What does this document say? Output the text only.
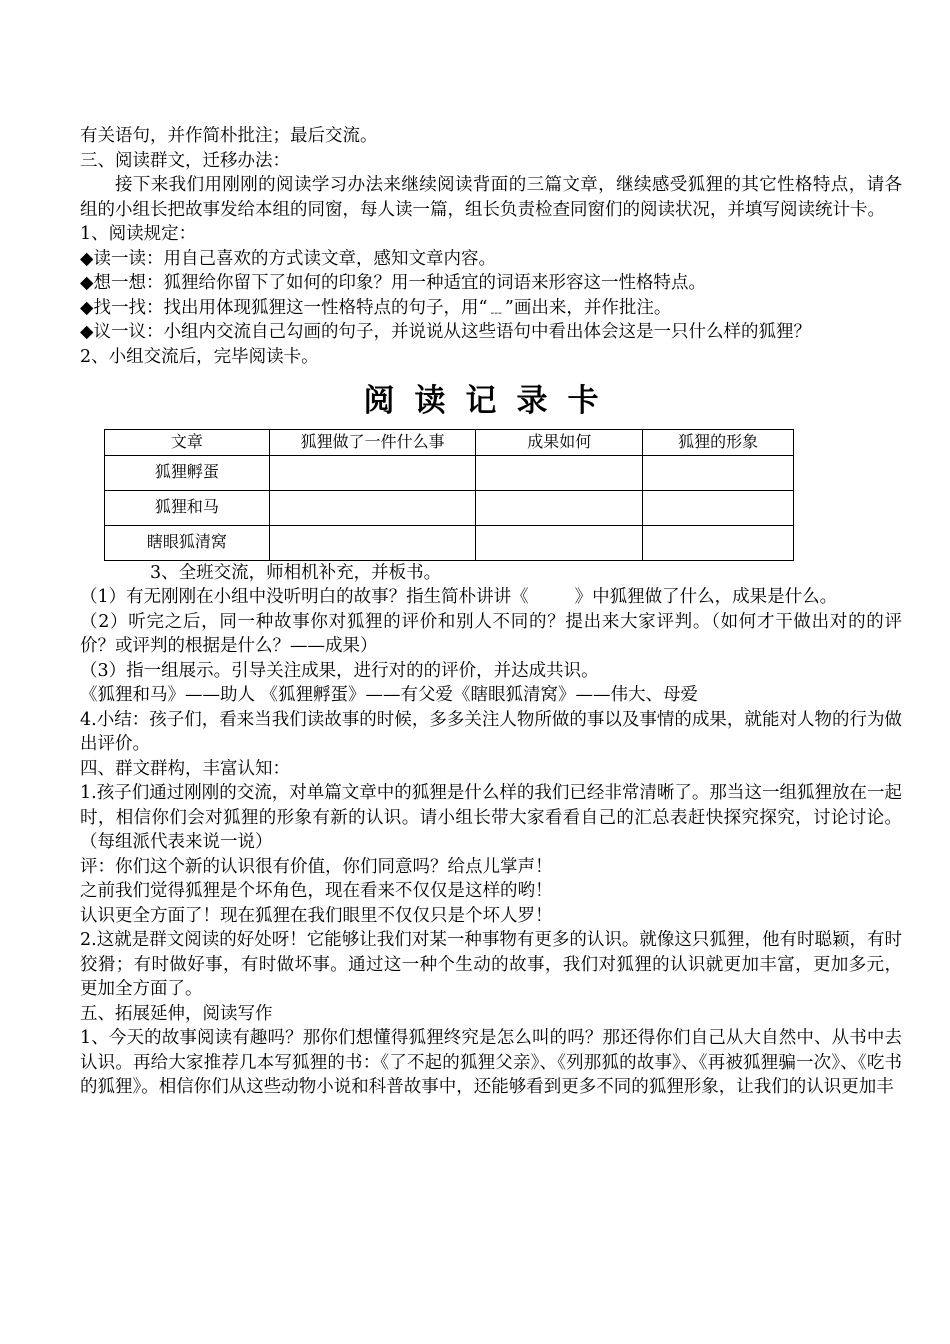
有关语句，并作简朴批注；最后交流。

三、阅读群文，迁移办法：

接下来我们用刚刚的阅读学习办法来继续阅读背面的三篇文章，继续感受狐狸的其它性格特点，请各组的小组长把故事发给本组的同窗，每人读一篇，组长负责检查同窗们的阅读状况，并填写阅读统计卡。

1、阅读规定：

◆读一读：用自己喜欢的方式读文章，感知文章内容。

◆想一想：狐狸给你留下了如何的印象？用一种适宜的词语来形容这一性格特点。

◆找一找：找出用体现狐狸这一性格特点的句子，用“﹍”画出来，并作批注。

◆议一议：小组内交流自己勾画的句子，并说说从这些语句中看出体会这是一只什么样的狐狸？

2、小组交流后，完毕阅读卡。

阅读记录卡
文章	狐狸做了一件什么事	成果如何	狐狸的形象
狐狸孵蛋			
狐狸和马			
瞎眼狐清窝			

3、全班交流，师相机补充，并板书。

（1）有无刚刚在小组中没听明白的故事？指生简朴讲讲《	》中狐狸做了什么，成果是什么。

（2）听完之后，同一种故事你对狐狸的评价和别人不同的？提出来大家评判。（如何才干做出对的的评价？或评判的根据是什么？——成果）

（3）指一组展示。引导关注成果，进行对的的评价，并达成共识。

《狐狸和马》——助人 《狐狸孵蛋》——有父爱《瞎眼狐清窝》——伟大、母爱

4.小结：孩子们，看来当我们读故事的时候，多多关注人物所做的事以及事情的成果，就能对人物的行为做出评价。

四、群文群构，丰富认知：

1.孩子们通过刚刚的交流，对单篇文章中的狐狸是什么样的我们已经非常清晰了。那当这一组狐狸放在一起时，相信你们会对狐狸的形象有新的认识。请小组长带大家看看自己的汇总表赶快探究探究，讨论讨论。（每组派代表来说一说）

评：你们这个新的认识很有价值，你们同意吗？给点儿掌声！

之前我们觉得狐狸是个坏角色，现在看来不仅仅是这样的哟！

认识更全方面了！现在狐狸在我们眼里不仅仅只是个坏人罗！

2.这就是群文阅读的好处呀！它能够让我们对某一种事物有更多的认识。就像这只狐狸，他有时聪颖，有时狡猾；有时做好事，有时做坏事。通过这一种个生动的故事，我们对狐狸的认识就更加丰富，更加多元，更加全方面了。

五、拓展延伸，阅读写作

1、今天的故事阅读有趣吗？那你们想懂得狐狸终究是怎么叫的吗？那还得你们自己从大自然中、从书中去认识。再给大家推荐几本写狐狸的书：《了不起的狐狸父亲》、《列那狐的故事》、《再被狐狸骗一次》、《吃书的狐狸》。相信你们从这些动物小说和科普故事中，还能够看到更多不同的狐狸形象，让我们的认识更加丰
